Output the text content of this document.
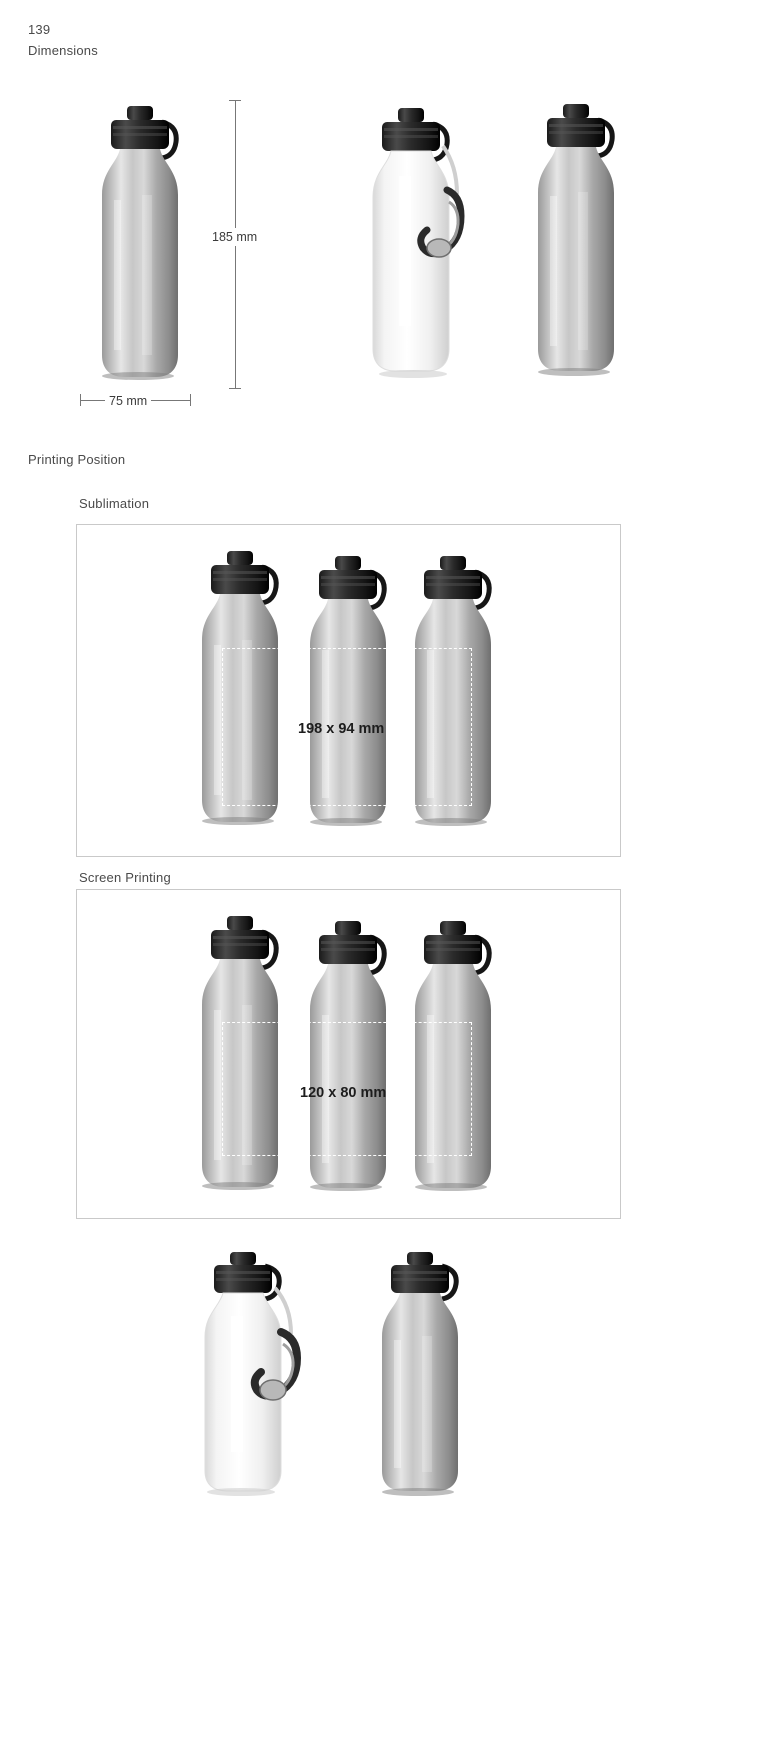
139
Dimensions
185 mm
75 mm
Printing Position
Sublimation
198 x 94 mm
Screen Printing
120 x 80 mm
